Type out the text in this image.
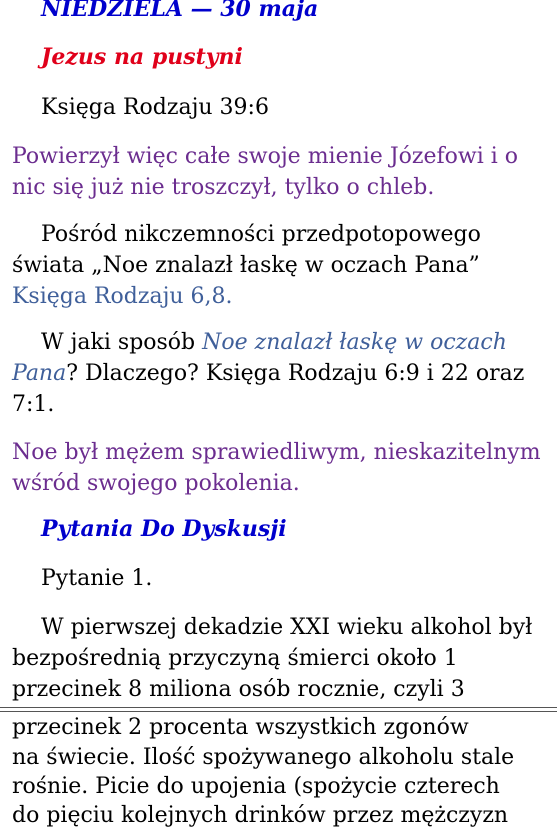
NIEDZIELA — 30 maja

Jezus na pustyni

Księga Rodzaju 39:6

Powierzył więc całe swoje mienie Józefowi i o nic się już nie troszczył, tylko o chleb.

Pośród nikczemności przedpotopowego świata „Noe znalazł łaskę w oczach Pana” Księga Rodzaju 6,8.

W jaki sposób Noe znalazł łaskę w oczach Pana? Dlaczego? Księga Rodzaju 6:9 i 22 oraz 7:1.

Noe był mężem sprawiedliwym, nieskazitelnym wśród swojego pokolenia.

Pytania Do Dyskusji

Pytanie 1.

W pierwszej dekadzie XXI wieku alkohol był bezpośrednią przyczyną śmierci około 1 przecinek 8 miliona osób rocznie, czyli 3

przecinek 2 procenta wszystkich zgonów

na świecie. Ilość spożywanego alkoholu stale

rośnie. Picie do upojenia (spożycie czterech

do pięciu kolejnych drinków przez mężczyzn
